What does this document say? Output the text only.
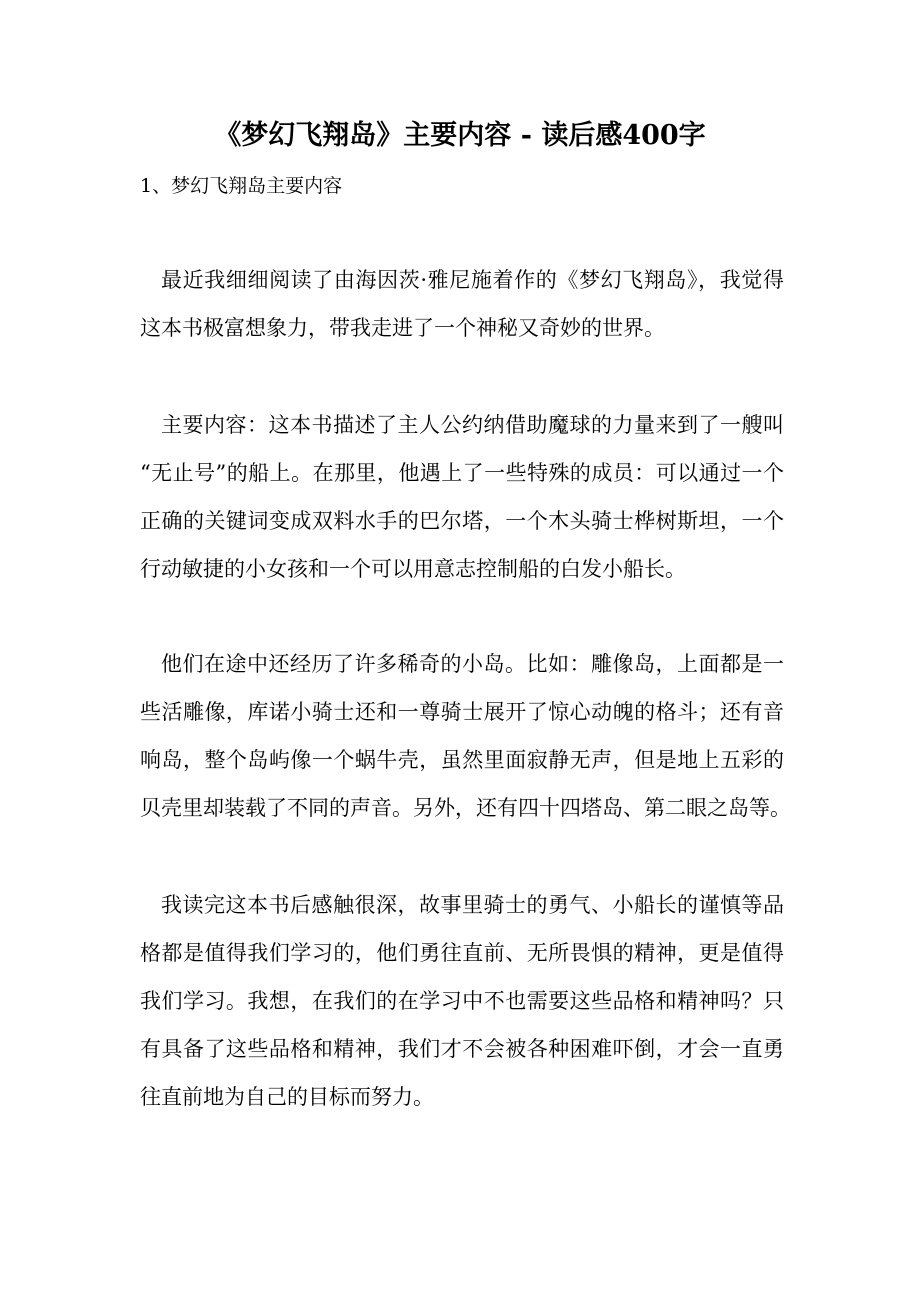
《梦幻飞翔岛》主要内容 - 读后感400字
1、梦幻飞翔岛主要内容
最近我细细阅读了由海因茨·雅尼施着作的《梦幻飞翔岛》，我觉得
这本书极富想象力，带我走进了一个神秘又奇妙的世界。
主要内容：这本书描述了主人公约纳借助魔球的力量来到了一艘叫
“无止号”的船上。在那里，他遇上了一些特殊的成员：可以通过一个
正确的关键词变成双料水手的巴尔塔，一个木头骑士桦树斯坦，一个
行动敏捷的小女孩和一个可以用意志控制船的白发小船长。
他们在途中还经历了许多稀奇的小岛。比如：雕像岛，上面都是一
些活雕像，库诺小骑士还和一尊骑士展开了惊心动魄的格斗；还有音
响岛，整个岛屿像一个蜗牛壳，虽然里面寂静无声，但是地上五彩的
贝壳里却装载了不同的声音。另外，还有四十四塔岛、第二眼之岛等。
我读完这本书后感触很深，故事里骑士的勇气、小船长的谨慎等品
格都是值得我们学习的，他们勇往直前、无所畏惧的精神，更是值得
我们学习。我想，在我们的在学习中不也需要这些品格和精神吗？只
有具备了这些品格和精神，我们才不会被各种困难吓倒，才会一直勇
往直前地为自己的目标而努力。
